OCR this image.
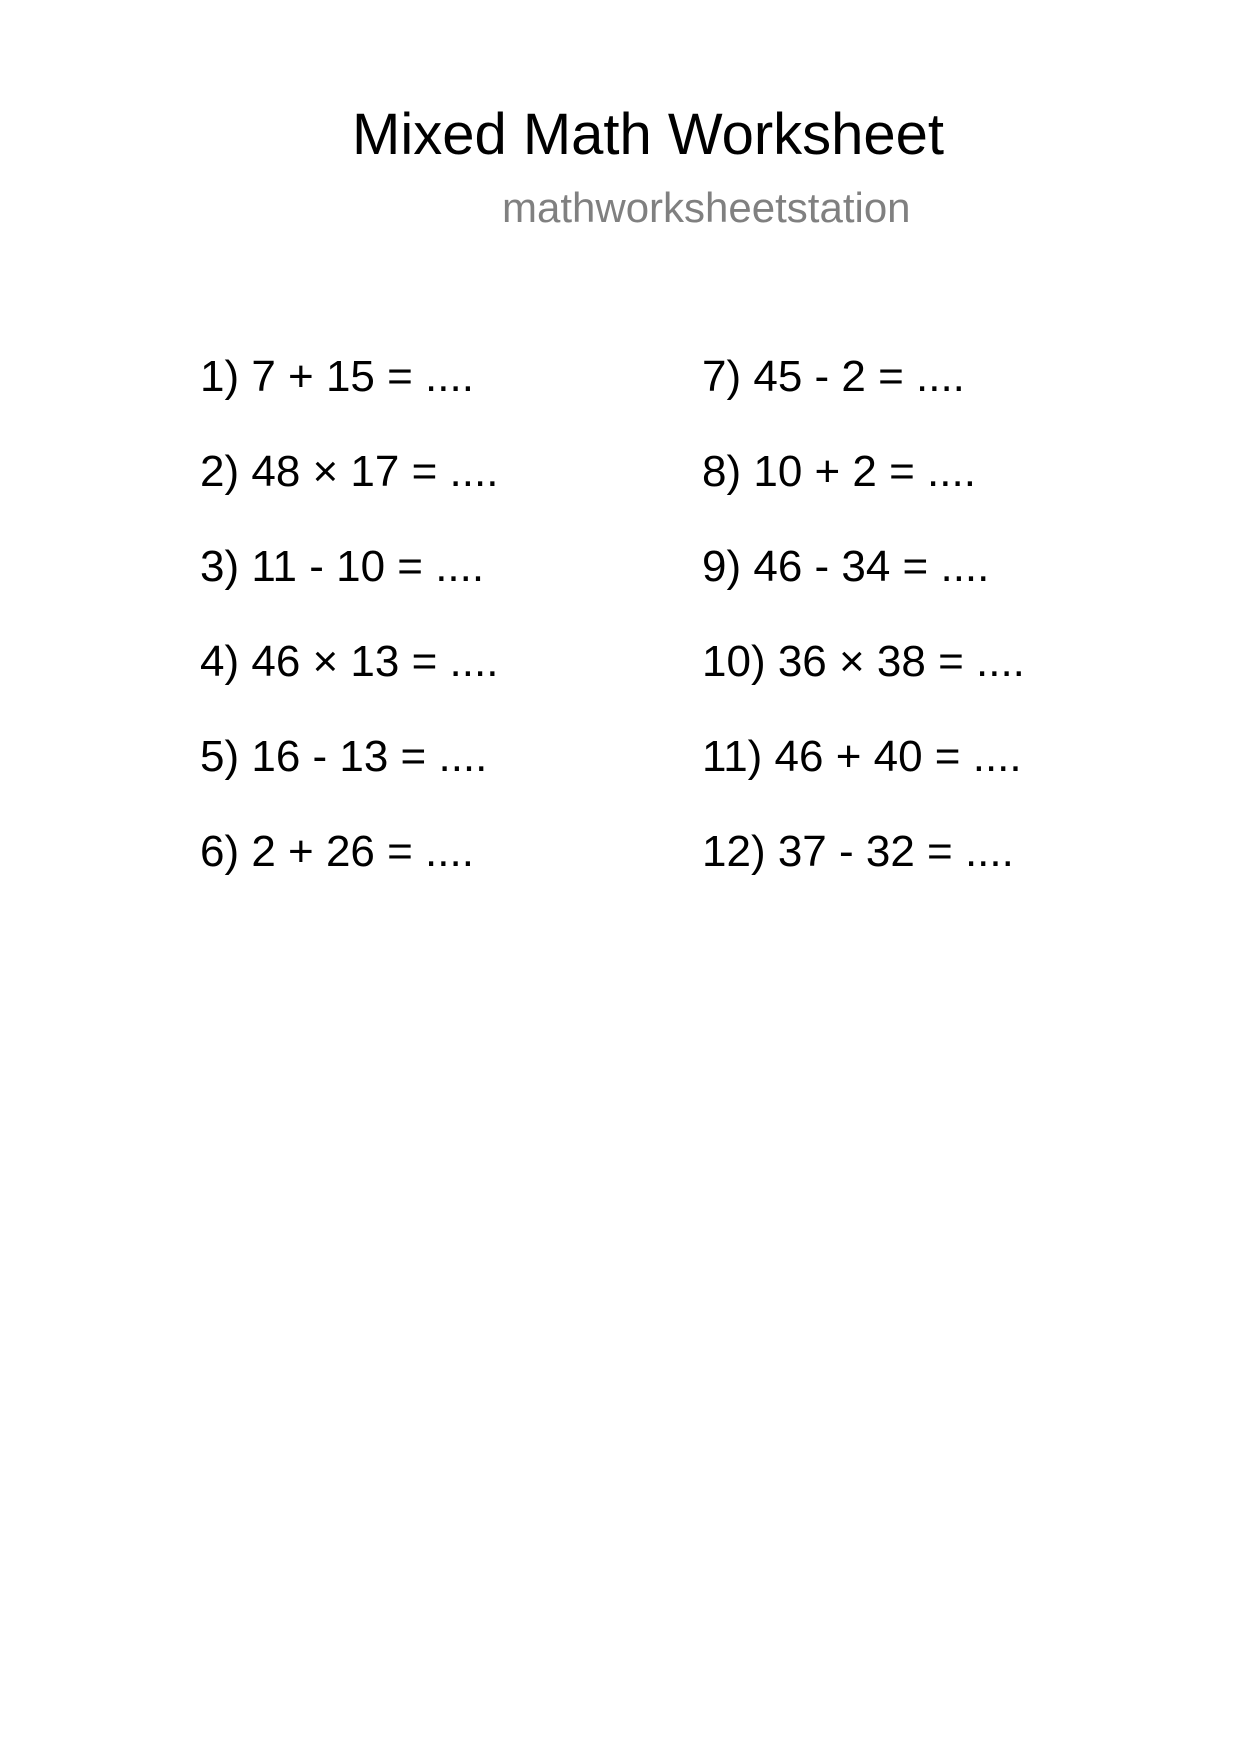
Mixed Math Worksheet
mathworksheetstation
1) 7 + 15 = ....
2) 48 × 17 = ....
3) 11 - 10 = ....
4) 46 × 13 = ....
5) 16 - 13 = ....
6) 2 + 26 = ....
7) 45 - 2 = ....
8) 10 + 2 = ....
9) 46 - 34 = ....
10) 36 × 38 = ....
11) 46 + 40 = ....
12) 37 - 32 = ....
